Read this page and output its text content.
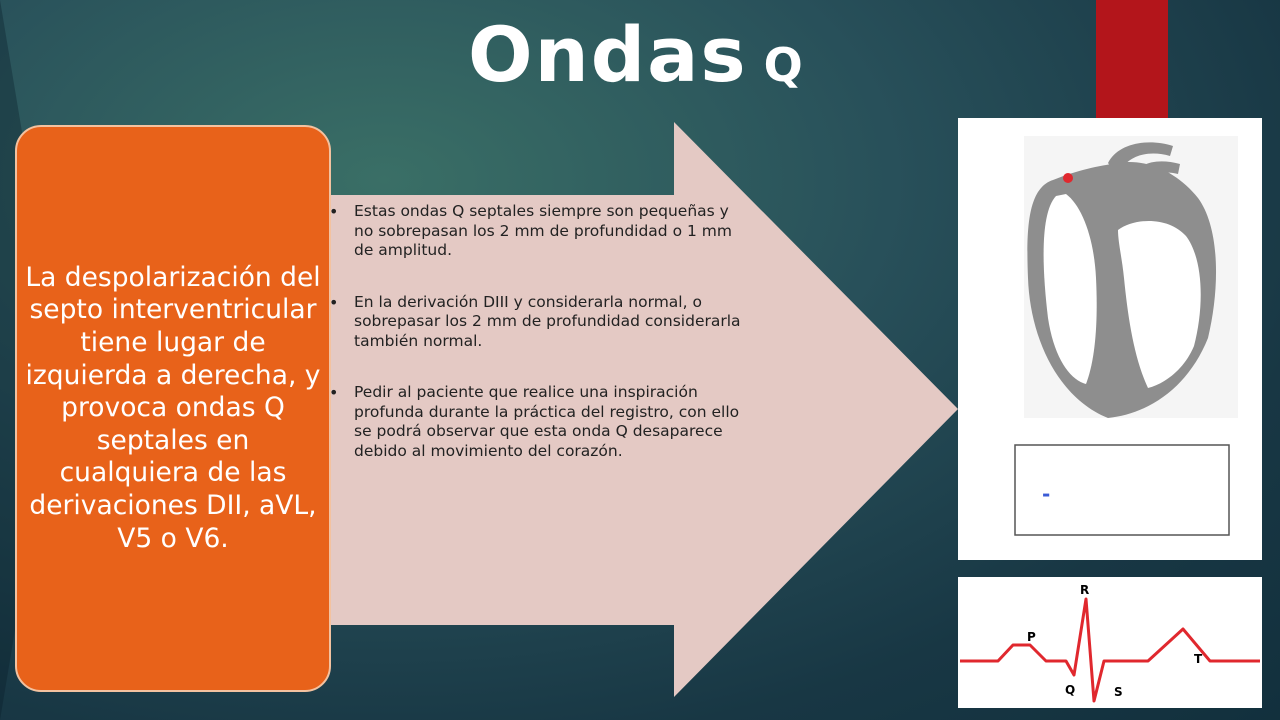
Ondas Q
La despolarización del septo interventricular tiene lugar de izquierda a derecha, y provoca ondas Q septales en cualquiera de las derivaciones DII, aVL, V5 o V6.
• Estas ondas Q septales siempre son pequeñas y no sobrepasan los 2 mm de profundidad o 1 mm de amplitud.
• En la derivación DIII y considerarla normal, o sobrepasar los 2 mm de profundidad considerarla también normal.
• Pedir al paciente que realice una inspiración profunda durante la práctica del registro, con ello se podrá observar que esta onda Q desaparece debido al movimiento del corazón.
-
P
R
Q	S
T
